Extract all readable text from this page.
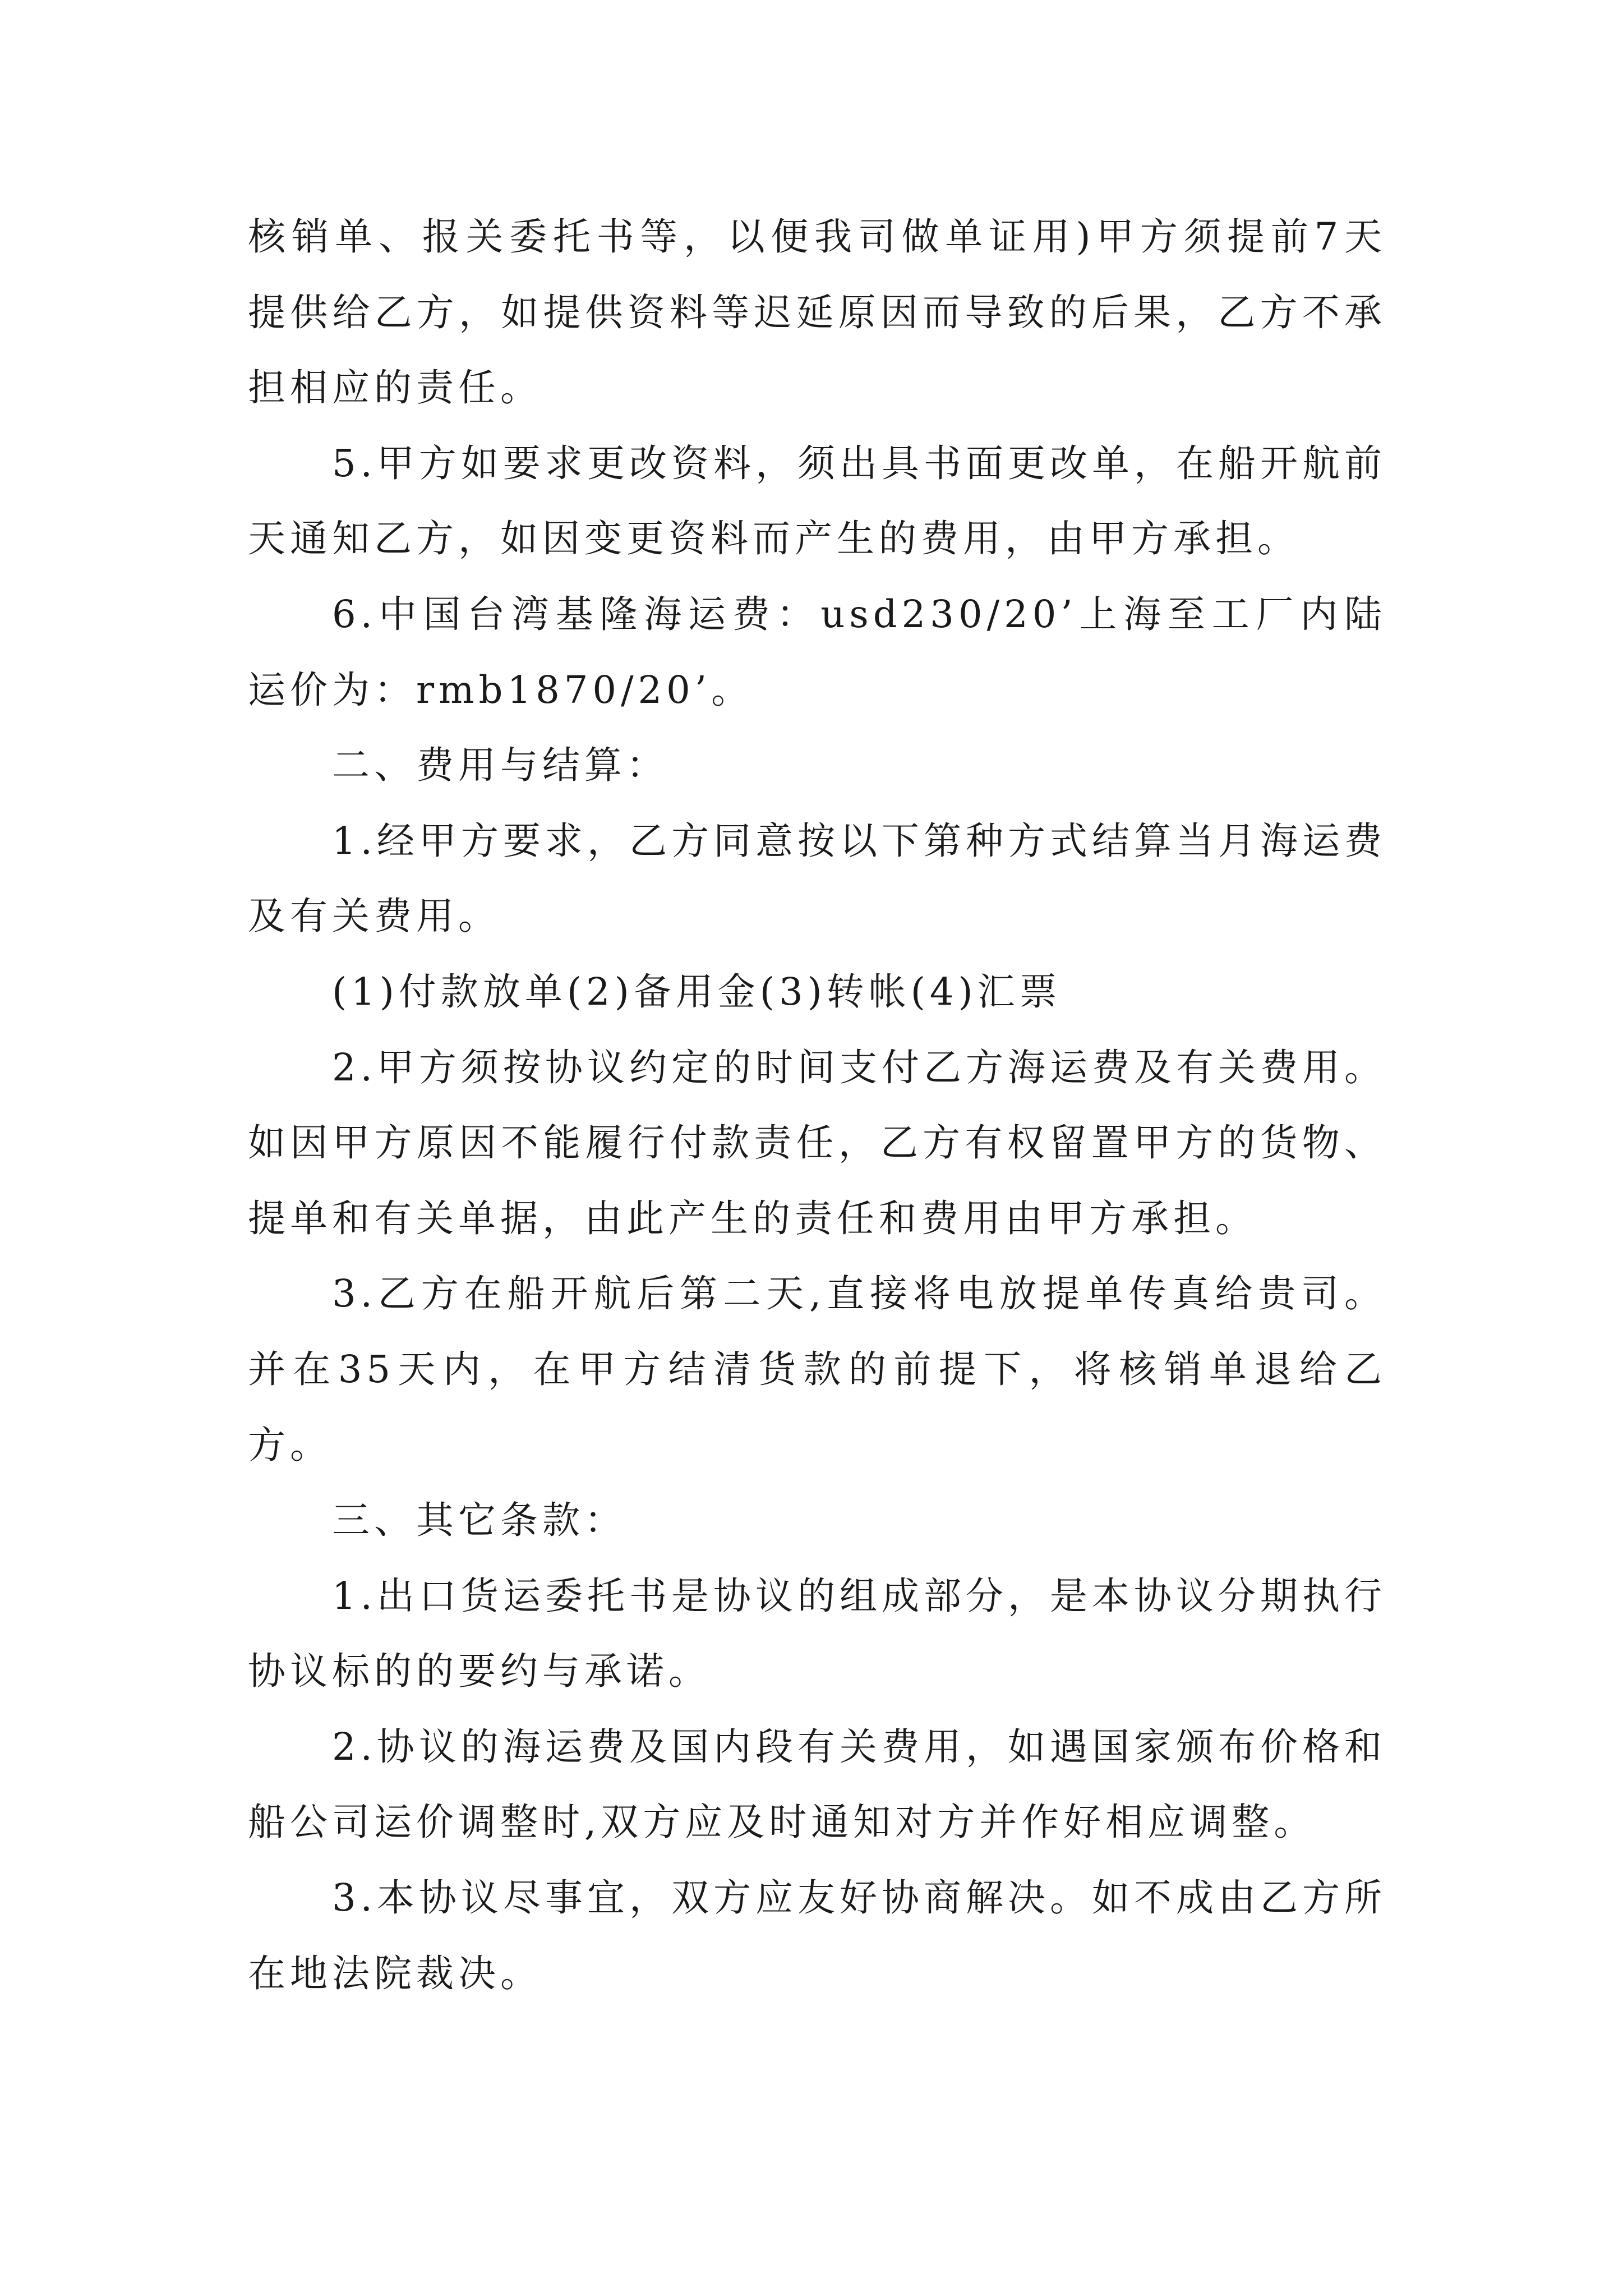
核销单、报关委托书等，以便我司做单证用)甲方须提前7天提供给乙方，如提供资料等迟延原因而导致的后果，乙方不承担相应的责任。

5.甲方如要求更改资料，须出具书面更改单，在船开航前天通知乙方，如因变更资料而产生的费用，由甲方承担。

6.中国台湾基隆海运费：usd230/20’上海至工厂内陆运价为：rmb1870/20’。

二、费用与结算：

1.经甲方要求，乙方同意按以下第种方式结算当月海运费及有关费用。

(1)付款放单(2)备用金(3)转帐(4)汇票

2.甲方须按协议约定的时间支付乙方海运费及有关费用。如因甲方原因不能履行付款责任，乙方有权留置甲方的货物、提单和有关单据，由此产生的责任和费用由甲方承担。

3.乙方在船开航后第二天,直接将电放提单传真给贵司。并在35天内，在甲方结清货款的前提下，将核销单退给乙方。

三、其它条款：

1.出口货运委托书是协议的组成部分，是本协议分期执行协议标的的要约与承诺。

2.协议的海运费及国内段有关费用，如遇国家颁布价格和船公司运价调整时,双方应及时通知对方并作好相应调整。

3.本协议尽事宜，双方应友好协商解决。如不成由乙方所在地法院裁决。
